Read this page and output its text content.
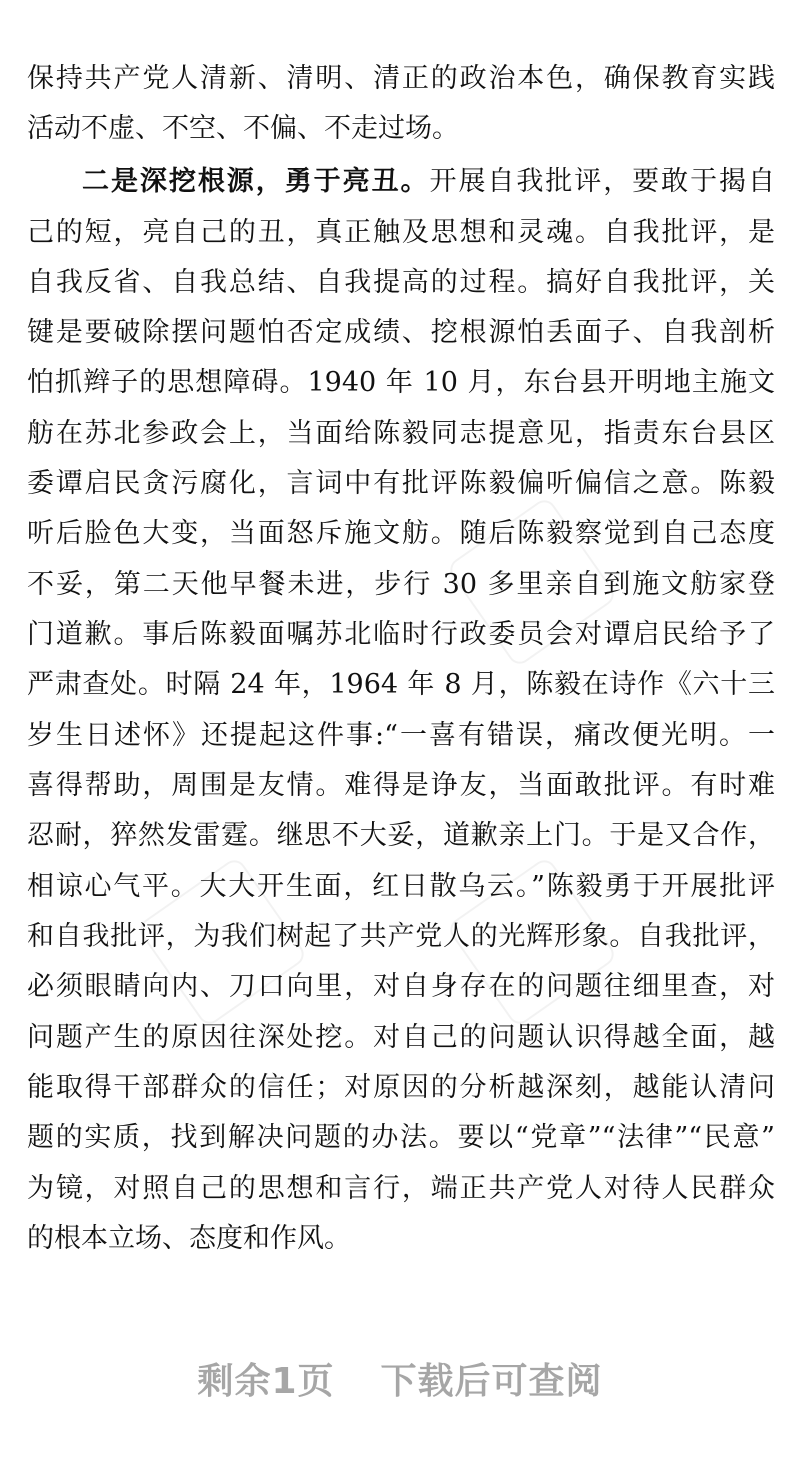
保持共产党人清新、清明、清正的政治本色，确保教育实践
活动不虚、不空、不偏、不走过场。
二是深挖根源，勇于亮丑。开展自我批评，要敢于揭自
己的短，亮自己的丑，真正触及思想和灵魂。自我批评，是
自我反省、自我总结、自我提高的过程。搞好自我批评，关
键是要破除摆问题怕否定成绩、挖根源怕丢面子、自我剖析
怕抓辫子的思想障碍。1940 年 10 月，东台县开明地主施文
舫在苏北参政会上，当面给陈毅同志提意见，指责东台县区
委谭启民贪污腐化，言词中有批评陈毅偏听偏信之意。陈毅
听后脸色大变，当面怒斥施文舫。随后陈毅察觉到自己态度
不妥，第二天他早餐未进，步行 30 多里亲自到施文舫家登
门道歉。事后陈毅面嘱苏北临时行政委员会对谭启民给予了
严肃查处。时隔 24 年，1964 年 8 月，陈毅在诗作《六十三
岁生日述怀》还提起这件事:“一喜有错误，痛改便光明。一
喜得帮助，周围是友情。难得是诤友，当面敢批评。有时难
忍耐，猝然发雷霆。继思不大妥，道歉亲上门。于是又合作，
相谅心气平。大大开生面，红日散乌云。”陈毅勇于开展批评
和自我批评，为我们树起了共产党人的光辉形象。自我批评，
必须眼睛向内、刀口向里，对自身存在的问题往细里查，对
问题产生的原因往深处挖。对自己的问题认识得越全面，越
能取得干部群众的信任；对原因的分析越深刻，越能认清问
题的实质，找到解决问题的办法。要以“党章”“法律”“民意”
为镜，对照自己的思想和言行，端正共产党人对待人民群众
的根本立场、态度和作风。
剩余1页 下载后可查阅
